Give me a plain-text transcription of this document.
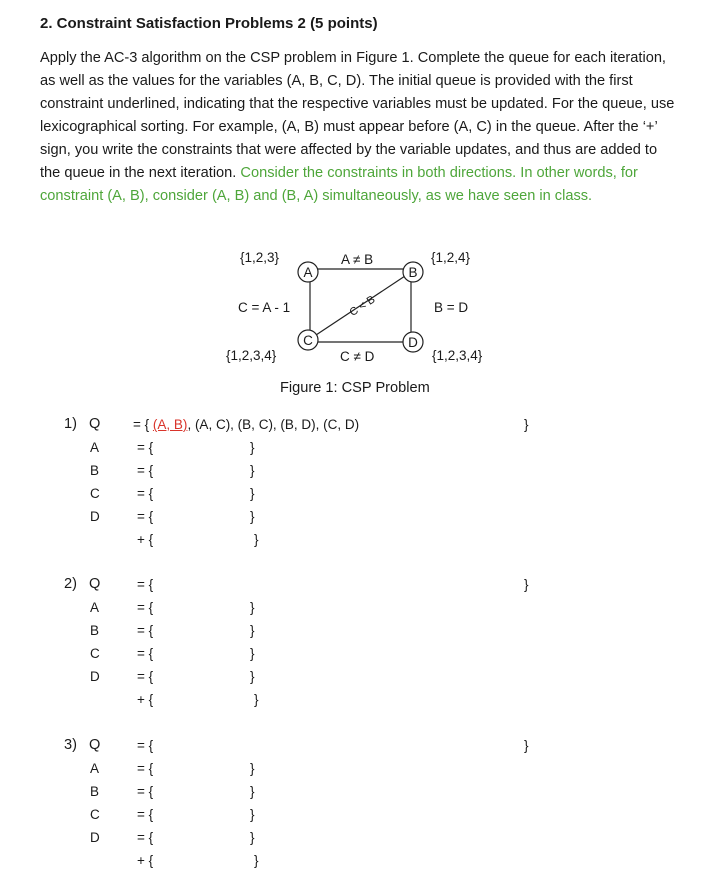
2. Constraint Satisfaction Problems 2 (5 points)
Apply the AC-3 algorithm on the CSP problem in Figure 1. Complete the queue for each iteration, as well as the values for the variables (A, B, C, D). The initial queue is provided with the first constraint underlined, indicating that the respective variables must be updated. For the queue, use lexicographical sorting. For example, (A, B) must appear before (A, C) in the queue. After the ‘+’ sign, you write the constraints that were affected by the variable updates, and thus are added to the queue in the next iteration. Consider the constraints in both directions. In other words, for constraint (A, B), consider (A, B) and (B, A) simultaneously, as we have seen in class.
A	B
C	D
{1,2,3}	{1,2,4}
{1,2,3,4}	{1,2,3,4}
A ≠ B
C = A - 1	B = D
C ≠ D
C < B
Figure 1: CSP Problem
1) Q = { (A, B), (A, C), (B, C), (B, D), (C, D)	}
A	= {	}
B	= {	}
C	= {	}
D	= {	}
+ {	}
2) Q	= {	}
A	= {	}
B	= {	}
C	= {	}
D	= {	}
+ {	}
3) Q	= {	}
A	= {	}
B	= {	}
C	= {	}
D	= {	}
+ {	}
